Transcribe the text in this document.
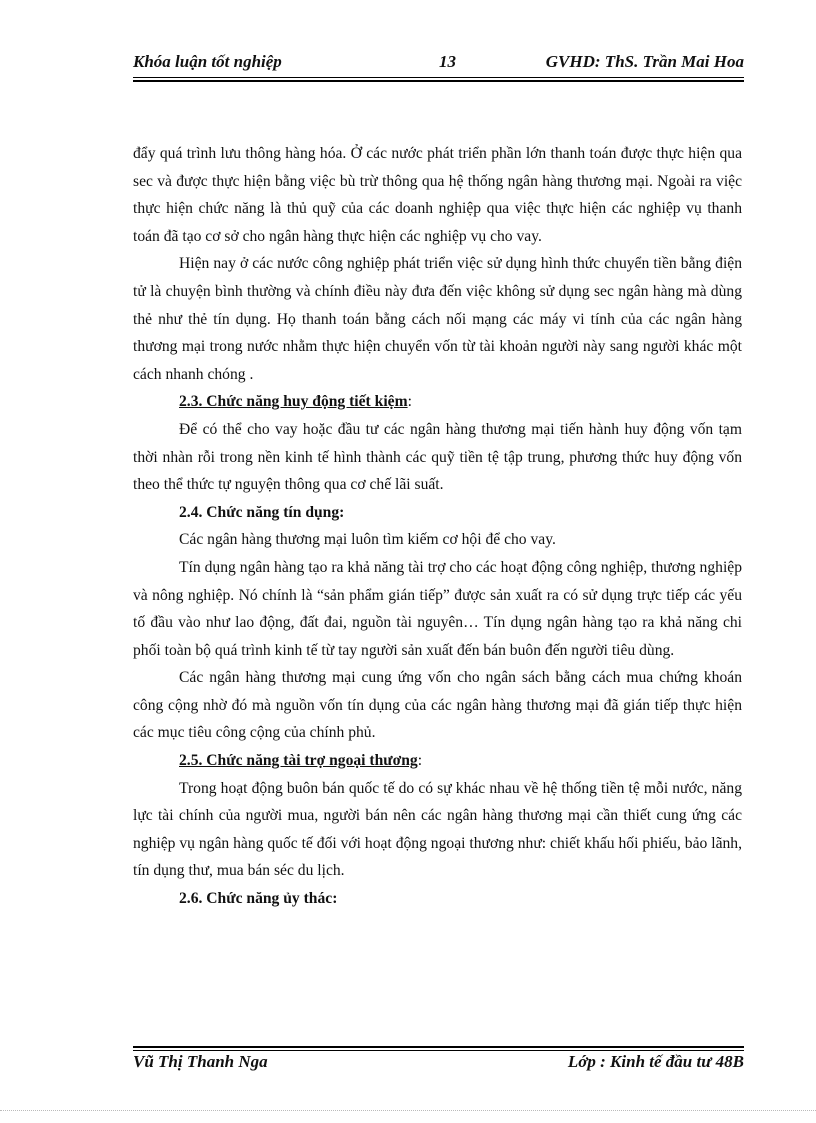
Khóa luận tốt nghiệp	13	GVHD: ThS. Trần Mai Hoa

đẩy quá trình lưu thông hàng hóa. Ở các nước phát triển phần lớn thanh toán được thực hiện qua sec và được thực hiện bằng việc bù trừ thông qua hệ thống ngân hàng thương mại. Ngoài ra việc thực hiện chức năng là thủ quỹ của các doanh nghiệp qua việc thực hiện các nghiệp vụ thanh toán đã tạo cơ sở cho ngân hàng thực hiện các nghiệp vụ cho vay.

Hiện nay ở các nước công nghiệp phát triển việc sử dụng hình thức chuyển tiền bằng điện tử là chuyện bình thường và chính điều này đưa đến việc không sử dụng sec ngân hàng mà dùng thẻ như thẻ tín dụng. Họ thanh toán bằng cách nối mạng các máy vi tính của các ngân hàng thương mại trong nước nhằm thực hiện chuyển vốn từ tài khoản người này sang người khác một cách nhanh chóng .

2.3. Chức năng huy động tiết kiệm:

Để có thể cho vay hoặc đầu tư các ngân hàng thương mại tiến hành huy động vốn tạm thời nhàn rỗi trong nền kinh tế hình thành các quỹ tiền tệ tập trung, phương thức huy động vốn theo thể thức tự nguyện thông qua cơ chế lãi suất.

2.4. Chức năng tín dụng:

Các ngân hàng thương mại luôn tìm kiếm cơ hội để cho vay.

Tín dụng ngân hàng tạo ra khả năng tài trợ cho các hoạt động công nghiệp, thương nghiệp và nông nghiệp. Nó chính là “sản phẩm gián tiếp” được sản xuất ra có sử dụng trực tiếp các yếu tố đầu vào như lao động, đất đai, nguồn tài nguyên… Tín dụng ngân hàng tạo ra khả năng chi phối toàn bộ quá trình kinh tế từ tay người sản xuất đến bán buôn đến người tiêu dùng.

Các ngân hàng thương mại cung ứng vốn cho ngân sách bằng cách mua chứng khoán công cộng nhờ đó mà nguồn vốn tín dụng của các ngân hàng thương mại đã gián tiếp thực hiện các mục tiêu công cộng của chính phủ.

2.5. Chức năng tài trợ ngoại thương:

Trong hoạt động buôn bán quốc tế do có sự khác nhau về hệ thống tiền tệ mỗi nước, năng lực tài chính của người mua, người bán nên các ngân hàng thương mại cần thiết cung ứng các nghiệp vụ ngân hàng quốc tế đối với hoạt động ngoại thương như: chiết khấu hối phiếu, bảo lãnh, tín dụng thư, mua bán séc du lịch.

2.6. Chức năng ủy thác:

Vũ Thị Thanh Nga	Lớp : Kinh tế đầu tư 48B
